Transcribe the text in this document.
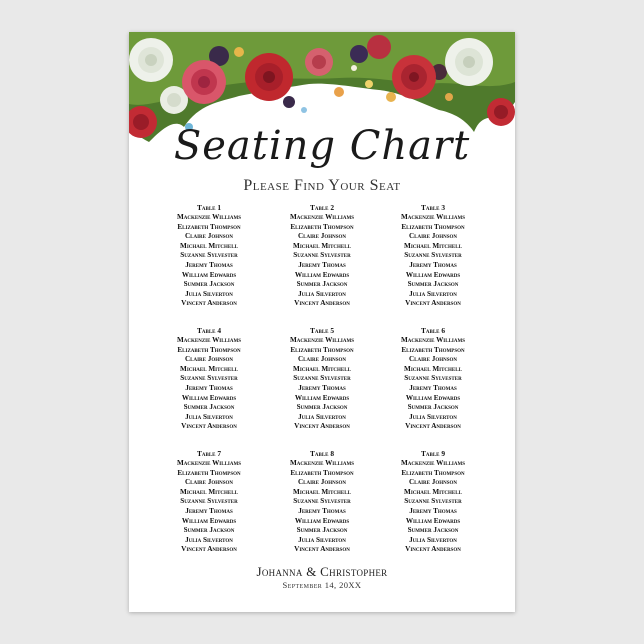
Seating Chart
Please Find Your Seat
Table 1
Mackenzie Williams
Elizabeth Thompson
Claire Johnson
Michael Mitchell
Suzanne Sylvester
Jeremy Thomas
William Edwards
Summer Jackson
Julia Silverton
Vincent Anderson
Table 2
Mackenzie Williams
Elizabeth Thompson
Claire Johnson
Michael Mitchell
Suzanne Sylvester
Jeremy Thomas
William Edwards
Summer Jackson
Julia Silverton
Vincent Anderson
Table 3
Mackenzie Williams
Elizabeth Thompson
Claire Johnson
Michael Mitchell
Suzanne Sylvester
Jeremy Thomas
William Edwards
Summer Jackson
Julia Silverton
Vincent Anderson
Table 4
Mackenzie Williams
Elizabeth Thompson
Claire Johnson
Michael Mitchell
Suzanne Sylvester
Jeremy Thomas
William Edwards
Summer Jackson
Julia Silverton
Vincent Anderson
Table 5
Mackenzie Williams
Elizabeth Thompson
Claire Johnson
Michael Mitchell
Suzanne Sylvester
Jeremy Thomas
William Edwards
Summer Jackson
Julia Silverton
Vincent Anderson
Table 6
Mackenzie Williams
Elizabeth Thompson
Claire Johnson
Michael Mitchell
Suzanne Sylvester
Jeremy Thomas
William Edwards
Summer Jackson
Julia Silverton
Vincent Anderson
Table 7
Mackenzie Williams
Elizabeth Thompson
Claire Johnson
Michael Mitchell
Suzanne Sylvester
Jeremy Thomas
William Edwards
Summer Jackson
Julia Silverton
Vincent Anderson
Table 8
Mackenzie Williams
Elizabeth Thompson
Claire Johnson
Michael Mitchell
Suzanne Sylvester
Jeremy Thomas
William Edwards
Summer Jackson
Julia Silverton
Vincent Anderson
Table 9
Mackenzie Williams
Elizabeth Thompson
Claire Johnson
Michael Mitchell
Suzanne Sylvester
Jeremy Thomas
William Edwards
Summer Jackson
Julia Silverton
Vincent Anderson
Johanna & Christopher
September 14, 20XX
